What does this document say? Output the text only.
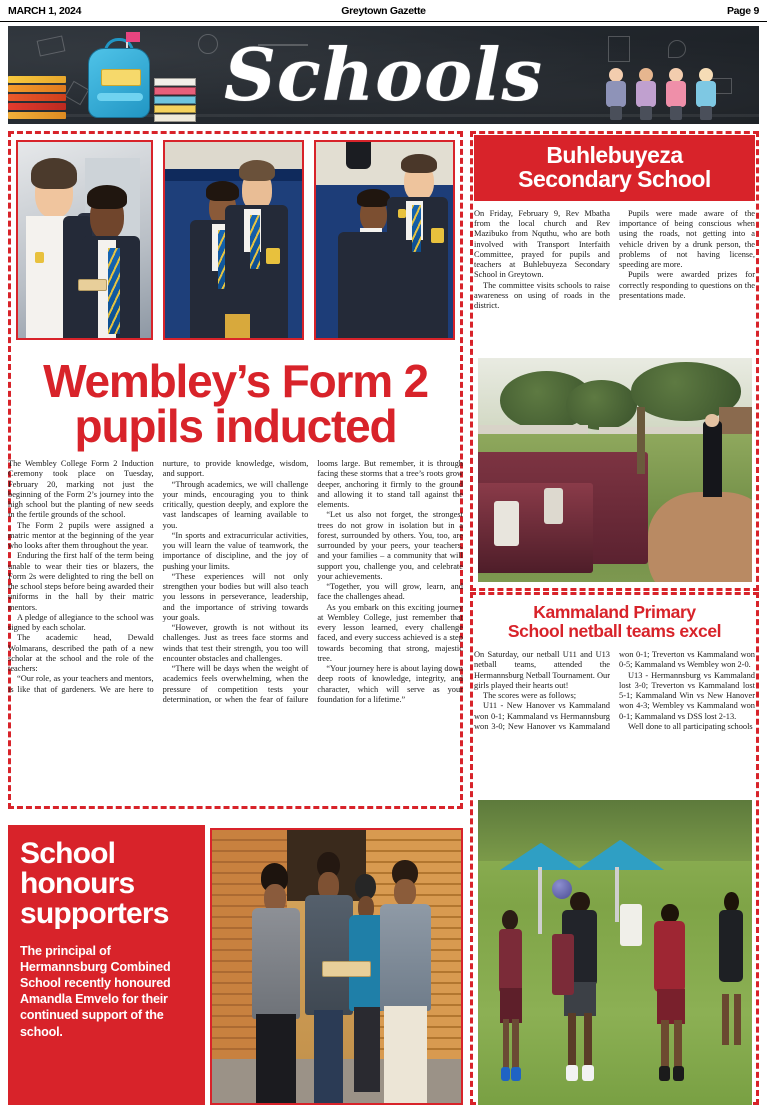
MARCH 1, 2024	Greytown Gazette	Page 9
Schools
Wembley’s Form 2
pupils inducted

The Wembley College Form 2 Induction Ceremony took place on Tuesday, February 20, marking not just the beginning of the Form 2’s journey into the high school but the planting of new seeds in the fertile grounds of the school.

The Form 2 pupils were assigned a matric mentor at the beginning of the year who looks after them throughout the year.

Enduring the first half of the term being unable to wear their ties or blazers, the Form 2s were delighted to ring the bell on the school steps before being awarded their uniforms in the hall by their matric mentors.

A pledge of allegiance to the school was signed by each scholar.

The academic head, Dewald Wolmarans, described the path of a new scholar at the school and the role of the teachers:

“Our role, as your teachers and mentors, is like that of gardeners. We are here to nurture, to provide knowledge, wisdom, and support.

“Through academics, we will challenge your minds, encouraging you to think critically, question deeply, and explore the vast landscapes of learning available to you.

“In sports and extracurricular activities, you will learn the value of teamwork, the importance of discipline, and the joy of pushing your limits.

“These experiences will not only strengthen your bodies but will also teach you lessons in perseverance, leadership, and the importance of striving towards your goals.

“However, growth is not without its challenges. Just as trees face storms and winds that test their strength, you too will encounter obstacles and challenges.

“There will be days when the weight of academics feels overwhelming, when the pressure of competition tests your determination, or when the fear of failure looms large. But remember, it is through facing these storms that a tree’s roots grow deeper, anchoring it firmly to the ground and allowing it to stand tall against the elements.

“Let us also not forget, the strongest trees do not grow in isolation but in a forest, surrounded by others. You, too, are surrounded by your peers, your teachers, and your families – a community that will support you, challenge you, and celebrate your achievements.

“Together, you will grow, learn, and face the challenges ahead.

As you embark on this exciting journey at Wembley College, just remember that every lesson learned, every challenge faced, and every success achieved is a step towards becoming that strong, majestic tree.

“Your journey here is about laying down deep roots of knowledge, integrity, and character, which will serve as your foundation for a lifetime.”

Buhlebuyeza
Secondary School

On Friday, February 9, Rev Mbatha from the local church and Rev Mazibuko from Nquthu, who are both involved with Transport Interfaith Committee, prayed for pupils and teachers at Buhlebuyeza Secondary School in Greytown.

The committee visits schools to raise awareness on using of roads in the district.

Pupils were made aware of the importance of being conscious when using the roads, not getting into a vehicle driven by a drunk person, the problems of not having license, speeding are more.

Pupils were awarded prizes for correctly responding to questions on the presentations made.

Kammaland Primary
School netball teams excel

On Saturday, our netball U11 and U13 netball teams, attended the Hermannsburg Netball Tournament. Our girls played their hearts out!

The scores were as follows;

U11 - New Hanover vs Kammaland won 0-1; Kammaland vs Hermannsburg won 3-0; New Hanover vs Kammaland won 0-1; Treverton vs Kammaland won 0-5; Kammaland vs Wembley won 2-0.

U13 - Hermannsburg vs Kammaland lost 3-0; Treverton vs Kammaland lost 5-1; Kammaland Win vs New Hanover won 4-3; Wembley vs Kammaland won 0-1; Kammaland vs DSS lost 2-13.

Well done to all participating schools

School honours supporters

The principal of Hermannsburg Combined School recently honoured Amandla Emvelo for their continued support of the school.
